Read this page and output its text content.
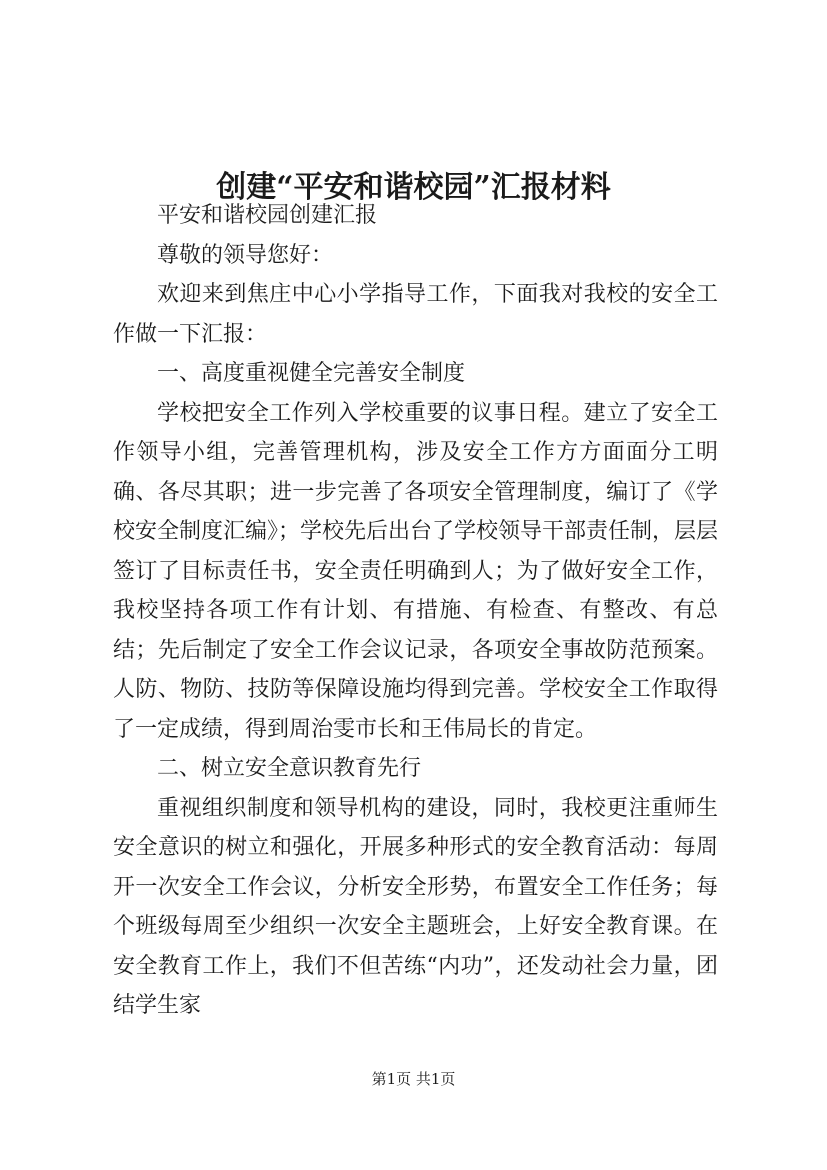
创建“平安和谐校园”汇报材料

平安和谐校园创建汇报

尊敬的领导您好：

欢迎来到焦庄中心小学指导工作，下面我对我校的安全工作做一下汇报：

一、高度重视健全完善安全制度

学校把安全工作列入学校重要的议事日程。建立了安全工作领导小组，完善管理机构，涉及安全工作方方面面分工明确、各尽其职；进一步完善了各项安全管理制度，编订了《学校安全制度汇编》；学校先后出台了学校领导干部责任制，层层签订了目标责任书，安全责任明确到人；为了做好安全工作，我校坚持各项工作有计划、有措施、有检查、有整改、有总结；先后制定了安全工作会议记录，各项安全事故防范预案。人防、物防、技防等保障设施均得到完善。学校安全工作取得了一定成绩，得到周治雯市长和王伟局长的肯定。

二、树立安全意识教育先行

重视组织制度和领导机构的建设，同时，我校更注重师生安全意识的树立和强化，开展多种形式的安全教育活动：每周开一次安全工作会议，分析安全形势，布置安全工作任务；每个班级每周至少组织一次安全主题班会，上好安全教育课。在安全教育工作上，我们不但苦练“内功”，还发动社会力量，团结学生家

第1页 共1页
